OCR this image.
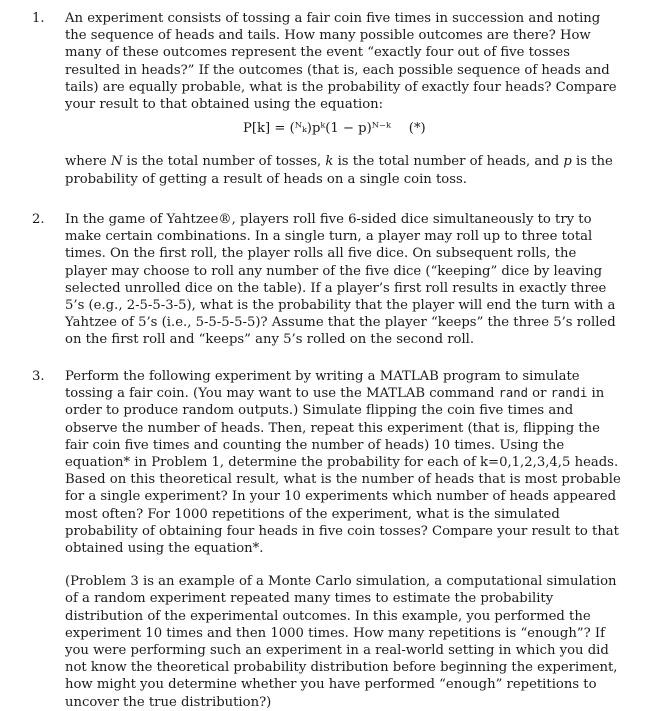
1.	An experiment consists of tossing a fair coin five times in succession and noting the sequence of heads and tails. How many possible outcomes are there? How many of these outcomes represent the event “exactly four out of five tosses resulted in heads?” If the outcomes (that is, each possible sequence of heads and tails) are equally probable, what is the probability of exactly four heads? Compare your result to that obtained using the equation:

P[k] = (ᴺₖ)pᵏ(1 − p)ᴺ⁻ᵏ (*)

where N is the total number of tosses, k is the total number of heads, and p is the probability of getting a result of heads on a single coin toss.

2.	In the game of Yahtzee®, players roll five 6-sided dice simultaneously to try to make certain combinations. In a single turn, a player may roll up to three total times. On the first roll, the player rolls all five dice. On subsequent rolls, the player may choose to roll any number of the five dice (“keeping” dice by leaving selected unrolled dice on the table). If a player’s first roll results in exactly three 5’s (e.g., 2-5-5-3-5), what is the probability that the player will end the turn with a Yahtzee of 5’s (i.e., 5-5-5-5-5)? Assume that the player “keeps” the three 5’s rolled on the first roll and “keeps” any 5’s rolled on the second roll.

3.	Perform the following experiment by writing a MATLAB program to simulate tossing a fair coin. (You may want to use the MATLAB command rand or randi in order to produce random outputs.) Simulate flipping the coin five times and observe the number of heads. Then, repeat this experiment (that is, flipping the fair coin five times and counting the number of heads) 10 times. Using the equation* in Problem 1, determine the probability for each of k=0,1,2,3,4,5 heads. Based on this theoretical result, what is the number of heads that is most probable for a single experiment? In your 10 experiments which number of heads appeared most often? For 1000 repetitions of the experiment, what is the simulated probability of obtaining four heads in five coin tosses? Compare your result to that obtained using the equation*.

(Problem 3 is an example of a Monte Carlo simulation, a computational simulation of a random experiment repeated many times to estimate the probability distribution of the experimental outcomes. In this example, you performed the experiment 10 times and then 1000 times. How many repetitions is “enough”? If you were performing such an experiment in a real-world setting in which you did not know the theoretical probability distribution before beginning the experiment, how might you determine whether you have performed “enough” repetitions to uncover the true distribution?)
